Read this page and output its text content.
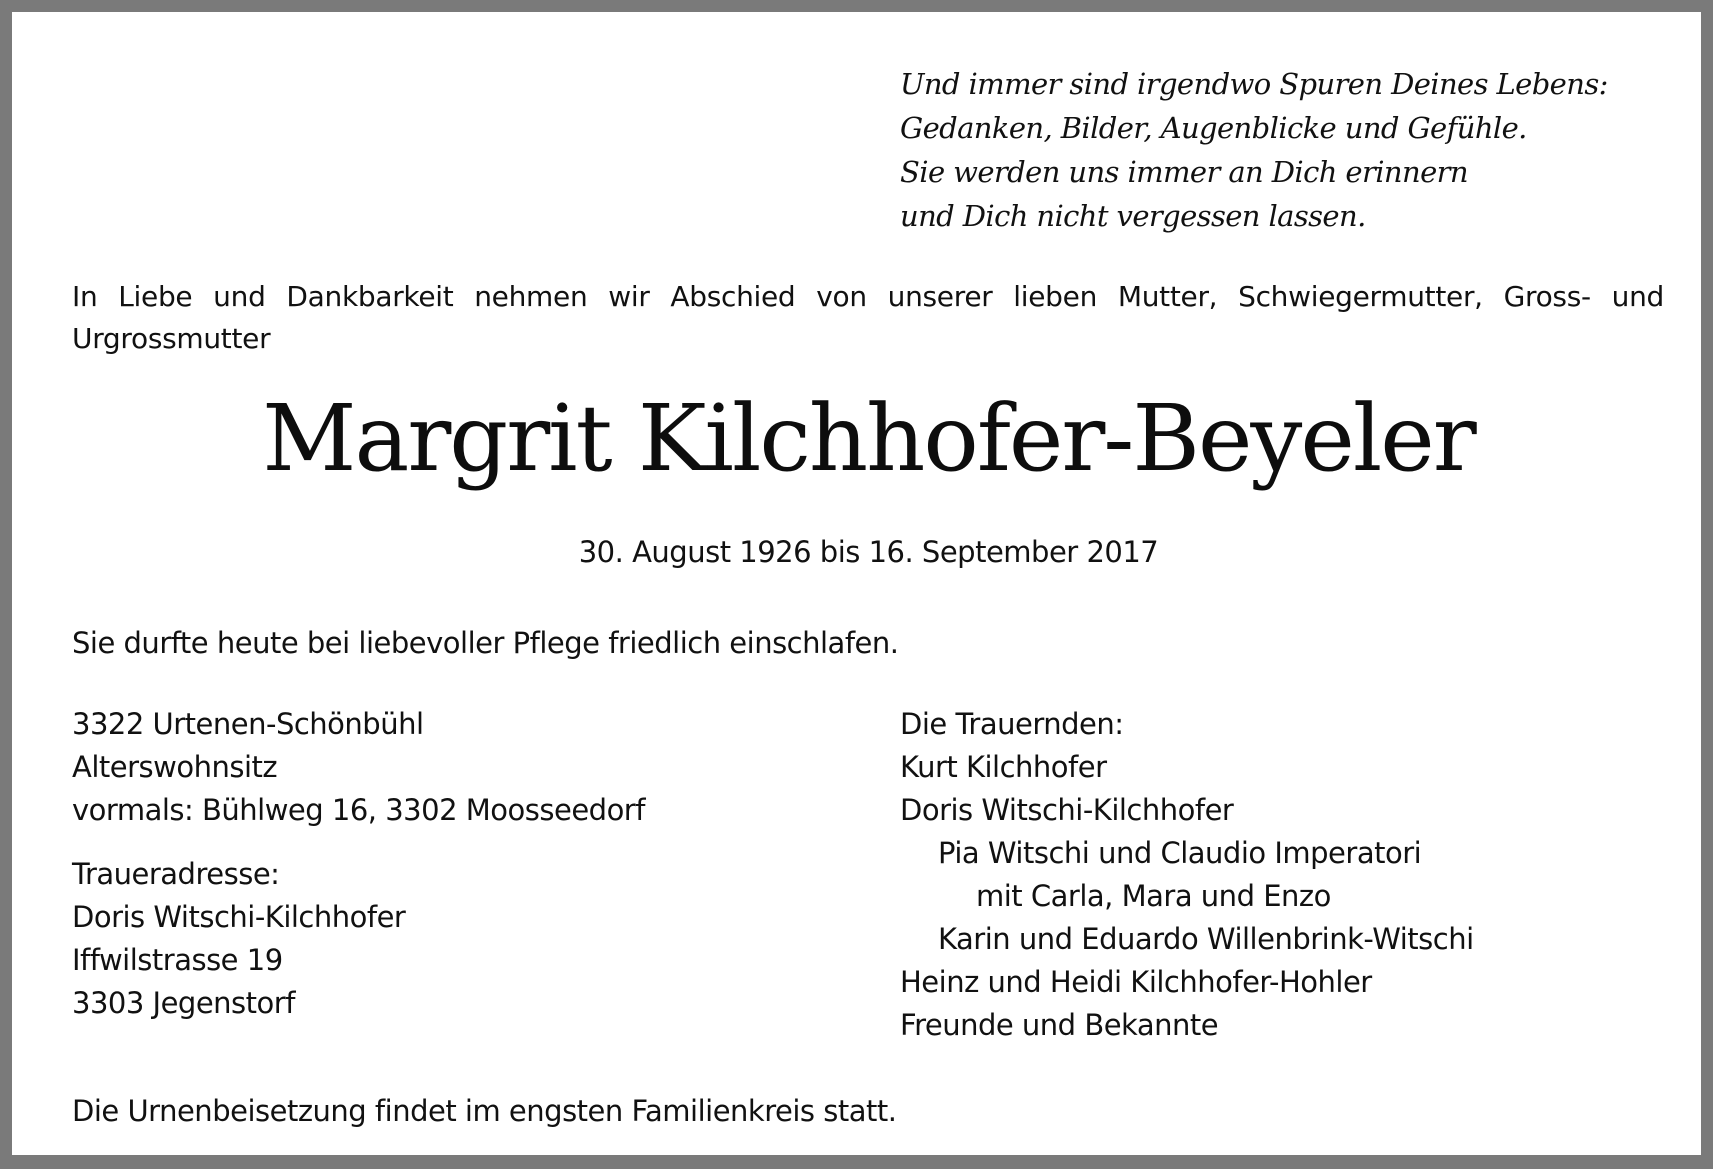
Und immer sind irgendwo Spuren Deines Lebens:
Gedanken, Bilder, Augenblicke und Gefühle.
Sie werden uns immer an Dich erinnern
und Dich nicht vergessen lassen.
In Liebe und Dankbarkeit nehmen wir Abschied von unserer lieben Mutter, Schwiegermutter, Gross- und Urgrossmutter
Margrit Kilchhofer-Beyeler
30. August 1926 bis 16. September 2017
Sie durfte heute bei liebevoller Pflege friedlich einschlafen.
3322 Urtenen-Schönbühl
Alterswohnsitz
vormals: Bühlweg 16, 3302 Moosseedorf
Traueradresse:
Doris Witschi-Kilchhofer
Iffwilstrasse 19
3303 Jegenstorf
Die Trauernden:
Kurt Kilchhofer
Doris Witschi-Kilchhofer
Pia Witschi und Claudio Imperatori
mit Carla, Mara und Enzo
Karin und Eduardo Willenbrink-Witschi
Heinz und Heidi Kilchhofer-Hohler
Freunde und Bekannte
Die Urnenbeisetzung findet im engsten Familienkreis statt.
